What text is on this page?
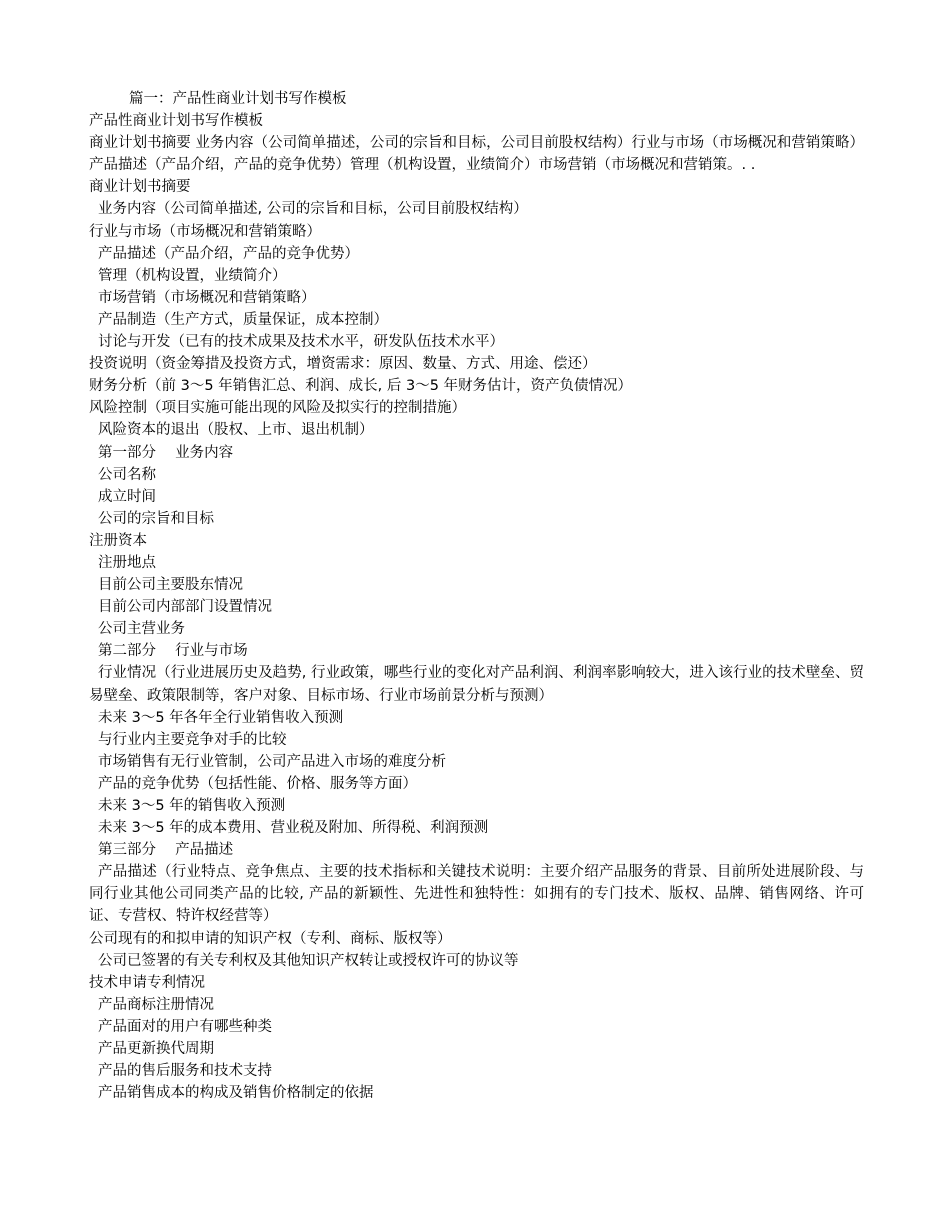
篇一：产品性商业计划书写作模板
产品性商业计划书写作模板
商业计划书摘要 业务内容（公司简单描述，公司的宗旨和目标，公司目前股权结构）行业与市场（市场概况和营销策略）产品描述（产品介绍，产品的竞争优势）管理（机构设置，业绩简介）市场营销（市场概况和营销策。. .
商业计划书摘要
业务内容（公司简单描述, 公司的宗旨和目标，公司目前股权结构）
行业与市场（市场概况和营销策略）
产品描述（产品介绍，产品的竞争优势）
管理（机构设置，业绩简介）
市场营销（市场概况和营销策略）
产品制造（生产方式，质量保证，成本控制）
讨论与开发（已有的技术成果及技术水平，研发队伍技术水平）
投资说明（资金筹措及投资方式，增资需求：原因、数量、方式、用途、偿还）
财务分析（前 3～5 年销售汇总、利润、成长, 后 3～5 年财务估计，资产负债情况）
风险控制（项目实施可能出现的风险及拟实行的控制措施）
风险资本的退出（股权、上市、退出机制）
第一部分　 业务内容
公司名称
成立时间
公司的宗旨和目标
注册资本
注册地点
目前公司主要股东情况
目前公司内部部门设置情况
公司主营业务
第二部分　 行业与市场
行业情况（行业进展历史及趋势, 行业政策，哪些行业的变化对产品利润、利润率影响较大，进入该行业的技术壁垒、贸易壁垒、政策限制等，客户对象、目标市场、行业市场前景分析与预测）
未来 3～5 年各年全行业销售收入预测
与行业内主要竞争对手的比较
市场销售有无行业管制，公司产品进入市场的难度分析
产品的竞争优势（包括性能、价格、服务等方面）
未来 3～5 年的销售收入预测
未来 3～5 年的成本费用、营业税及附加、所得税、利润预测
第三部分　 产品描述
产品描述（行业特点、竞争焦点、主要的技术指标和关键技术说明：主要介绍产品服务的背景、目前所处进展阶段、与同行业其他公司同类产品的比较, 产品的新颖性、先进性和独特性：如拥有的专门技术、版权、品牌、销售网络、许可证、专营权、特许权经营等）
公司现有的和拟申请的知识产权（专利、商标、版权等）
公司已签署的有关专利权及其他知识产权转让或授权许可的协议等
技术申请专利情况
产品商标注册情况
产品面对的用户有哪些种类
产品更新换代周期
产品的售后服务和技术支持
产品销售成本的构成及销售价格制定的依据
